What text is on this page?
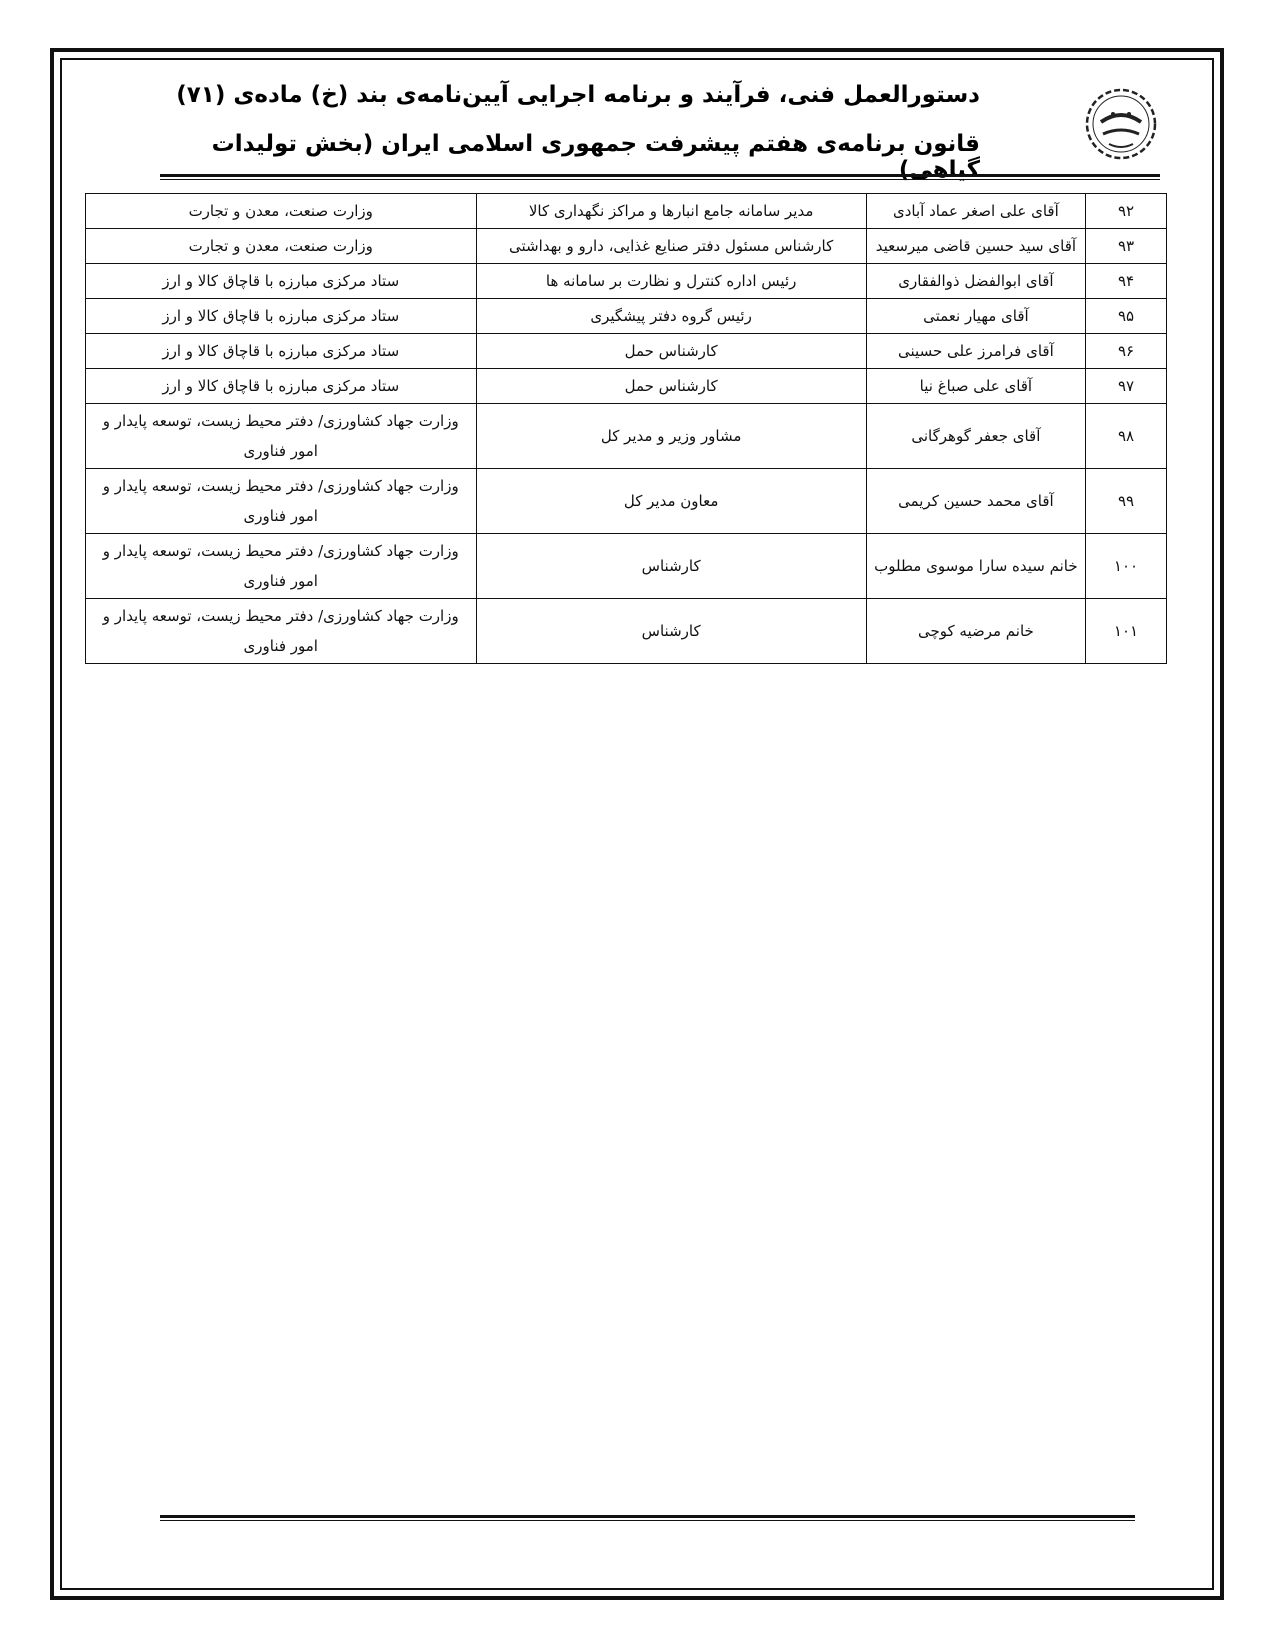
دستورالعمل فنی، فرآیند و برنامه اجرایی آیین‌نامه‌ی بند (خ) ماده‌ی (۷۱)
قانون برنامه‌ی هفتم پیشرفت جمهوری اسلامی ایران (بخش تولیدات گیاهی)
۹۲	آقای علی اصغر عماد آبادی	مدیر سامانه جامع انبارها و مراکز نگهداری کالا	وزارت صنعت، معدن و تجارت
۹۳	آقای سید حسین قاضی میرسعید	کارشناس مسئول دفتر صنایع غذایی، دارو و بهداشتی	وزارت صنعت، معدن و تجارت
۹۴	آقای ابوالفضل ذوالفقاری	رئیس اداره کنترل و نظارت بر سامانه ها	ستاد مرکزی مبارزه با قاچاق کالا و ارز
۹۵	آقای مهیار نعمتی	رئیس گروه دفتر پیشگیری	ستاد مرکزی مبارزه با قاچاق کالا و ارز
۹۶	آقای فرامرز علی حسینی	کارشناس حمل	ستاد مرکزی مبارزه با قاچاق کالا و ارز
۹۷	آقای علی صباغ نیا	کارشناس حمل	ستاد مرکزی مبارزه با قاچاق کالا و ارز
۹۸	آقای جعفر گوهرگانی	مشاور وزیر و مدیر کل	وزارت جهاد کشاورزی/ دفتر محیط زیست، توسعه پایدار و امور فناوری
۹۹	آقای محمد حسین کریمی	معاون مدیر کل	وزارت جهاد کشاورزی/ دفتر محیط زیست، توسعه پایدار و امور فناوری
۱۰۰	خانم سیده سارا موسوی مطلوب	کارشناس	وزارت جهاد کشاورزی/ دفتر محیط زیست، توسعه پایدار و امور فناوری
۱۰۱	خانم مرضیه کوچی	کارشناس	وزارت جهاد کشاورزی/ دفتر محیط زیست، توسعه پایدار و امور فناوری
